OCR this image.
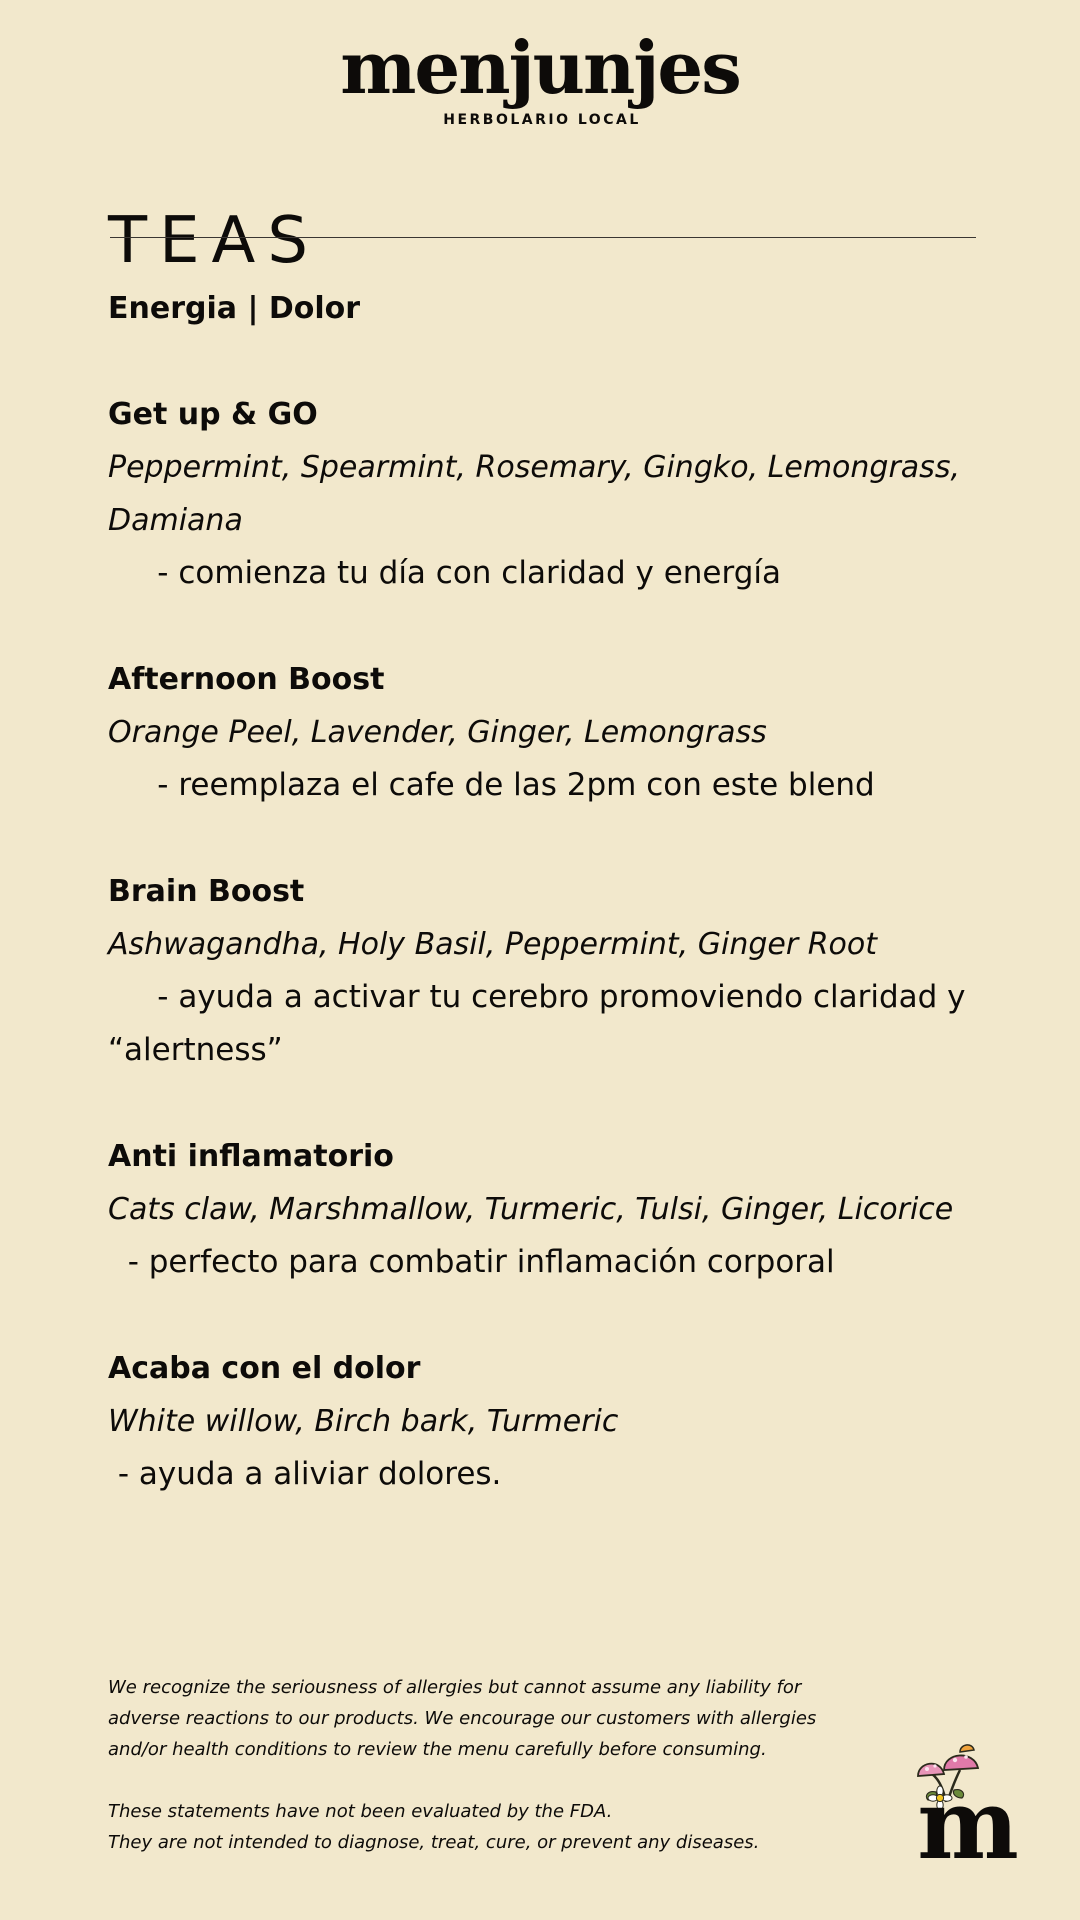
menjunjes
HERBOLARIO LOCAL
TEAS
Energia | Dolor
Get up & GO
Peppermint, Spearmint, Rosemary, Gingko, Lemongrass, Damiana
- comienza tu día con claridad y energía
Afternoon Boost
Orange Peel, Lavender, Ginger, Lemongrass
- reemplaza el cafe de las 2pm con este blend
Brain Boost
Ashwagandha, Holy Basil, Peppermint, Ginger Root
- ayuda a activar tu cerebro promoviendo claridad y “alertness”
Anti inflamatorio
Cats claw, Marshmallow, Turmeric, Tulsi, Ginger, Licorice
- perfecto para combatir inflamación corporal
Acaba con el dolor
White willow, Birch bark, Turmeric
- ayuda a aliviar dolores.

We recognize the seriousness of allergies but cannot assume any liability for

adverse reactions to our products. We encourage our customers with allergies

and/or health conditions to review the menu carefully before consuming.

These statements have not been evaluated by the FDA.

They are not intended to diagnose, treat, cure, or prevent any diseases.	m
